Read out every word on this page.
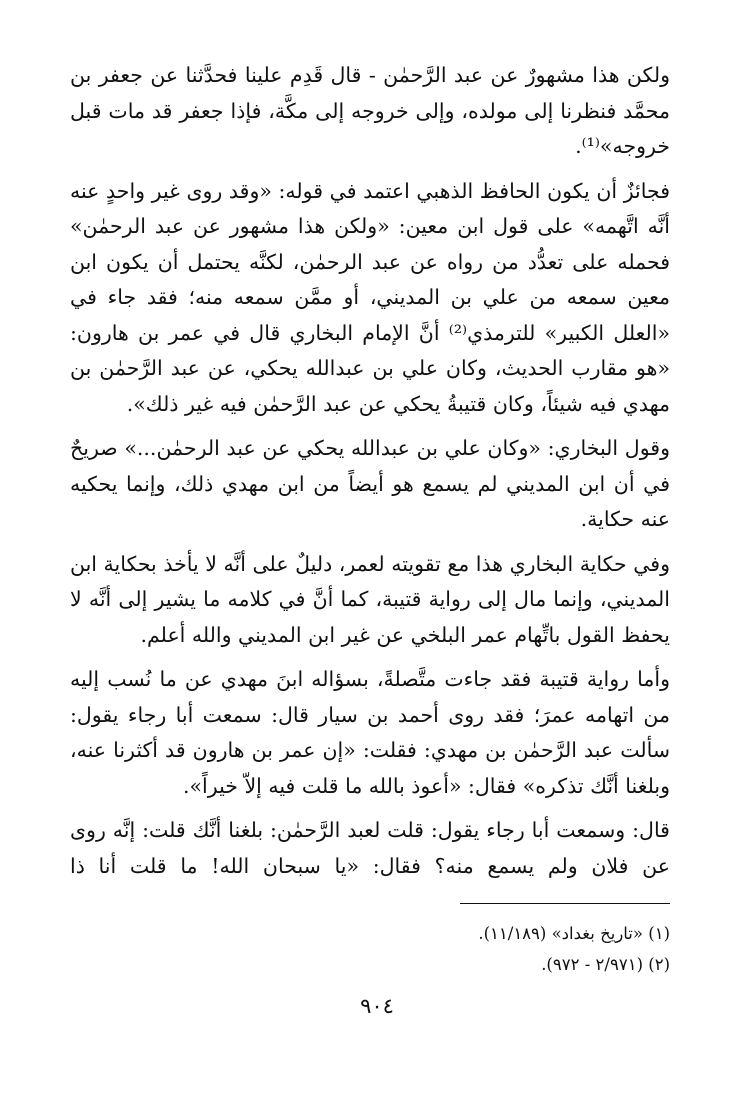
ولكن هذا مشهورٌ عن عبد الرَّحمٰن - قال قَدِم علينا فحدَّثنا عن جعفر بن محمَّد فنظرنا إلى مولده، وإلى خروجه إلى مكَّة، فإذا جعفر قد مات قبل خروجه»⁽¹⁾.

فجائزٌ أن يكون الحافظ الذهبي اعتمد في قوله: «وقد روى غير واحدٍ عنه أنَّه اتَّهمه» على قول ابن معين: «ولكن هذا مشهور عن عبد الرحمٰن» فحمله على تعدُّد من رواه عن عبد الرحمٰن، لكنَّه يحتمل أن يكون ابن معين سمعه من علي بن المديني، أو ممَّن سمعه منه؛ فقد جاء في «العلل الكبير» للترمذي⁽²⁾ أنَّ الإمام البخاري قال في عمر بن هارون: «هو مقارب الحديث، وكان علي بن عبدالله يحكي، عن عبد الرَّحمٰن بن مهدي فيه شيئاً، وكان قتيبةُ يحكي عن عبد الرَّحمٰن فيه غير ذلك».

وقول البخاري: «وكان علي بن عبدالله يحكي عن عبد الرحمٰن...» صريحٌ في أن ابن المديني لم يسمع هو أيضاً من ابن مهدي ذلك، وإنما يحكيه عنه حكاية.

وفي حكاية البخاري هذا مع تقويته لعمر، دليلٌ على أنَّه لا يأخذ بحكاية ابن المديني، وإنما مال إلى رواية قتيبة، كما أنَّ في كلامه ما يشير إلى أنَّه لا يحفظ القول باتِّهام عمر البلخي عن غير ابن المديني والله أعلم.

وأما رواية قتيبة فقد جاءت متَّصلةً، بسؤاله ابنَ مهدي عن ما نُسب إليه من اتهامه عمرَ؛ فقد روى أحمد بن سيار قال: سمعت أبا رجاء يقول: سألت عبد الرَّحمٰن بن مهدي: فقلت: «إن عمر بن هارون قد أكثرنا عنه، وبلغنا أنَّك تذكره» فقال: «أعوذ بالله ما قلت فيه إلاّ خيراً».

قال: وسمعت أبا رجاء يقول: قلت لعبد الرَّحمٰن: بلغنا أنَّك قلت: إنَّه روى عن فلان ولم يسمع منه؟ فقال: «يا سبحان الله! ما قلت أنا ذا

(١) «تاريخ بغداد» (١١/١٨٩).
(٢) (٢/٩٧١ - ٩٧٢).
٩٠٤
